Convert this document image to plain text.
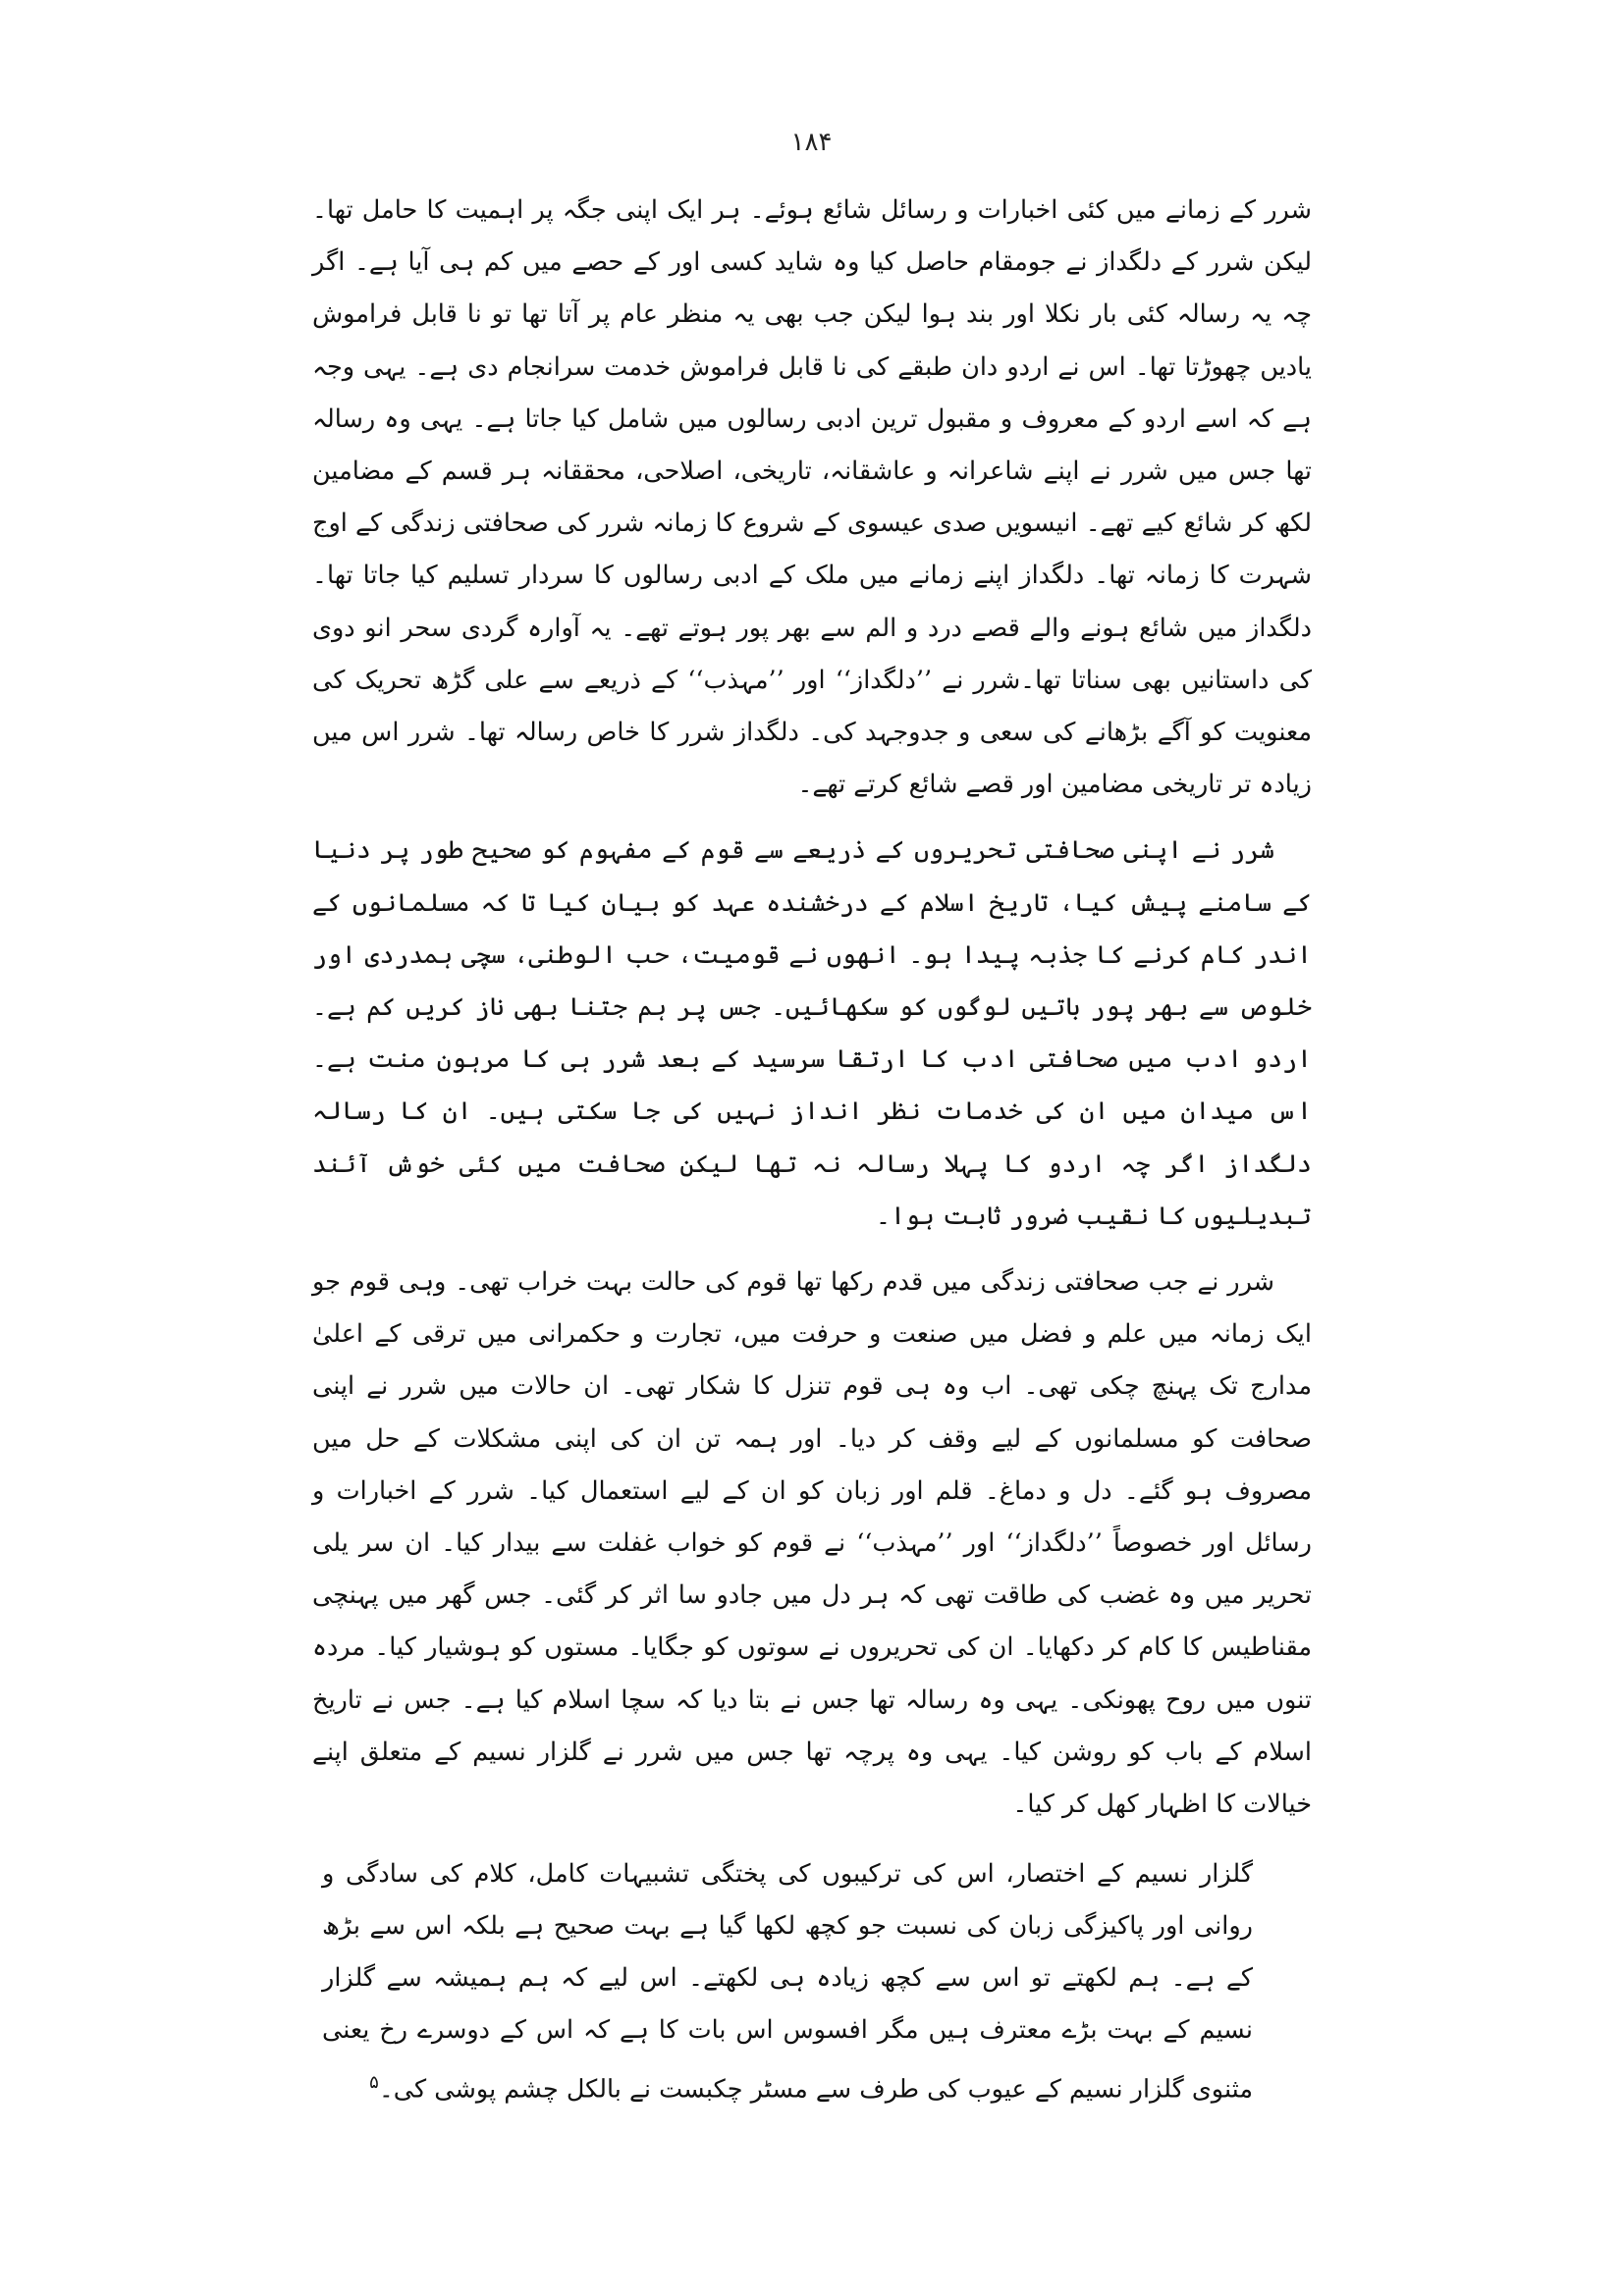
۱۸۴

شرر کے زمانے میں کئی اخبارات و رسائل شائع ہوئے۔ ہر ایک اپنی جگہ پر اہمیت کا حامل تھا۔لیکن شرر کے دلگداز نے جومقام حاصل کیا وہ شاید کسی اور کے حصے میں کم ہی آیا ہے۔ اگر چہ یہ رسالہ کئی بار نکلا اور بند ہوا لیکن جب بھی یہ منظر عام پر آتا تھا تو نا قابل فراموش یادیں چھوڑتا تھا۔ اس نے اردو دان طبقے کی نا قابل فراموش خدمت سرانجام دی ہے۔ یہی وجہ ہے کہ اسے اردو کے معروف و مقبول ترین ادبی رسالوں میں شامل کیا جاتا ہے۔ یہی وہ رسالہ تھا جس میں شرر نے اپنے شاعرانہ و عاشقانہ، تاریخی، اصلاحی، محققانہ ہر قسم کے مضامین لکھ کر شائع کیے تھے۔ انیسویں صدی عیسوی کے شروع کا زمانہ شرر کی صحافتی زندگی کے اوج شہرت کا زمانہ تھا۔ دلگداز اپنے زمانے میں ملک کے ادبی رسالوں کا سردار تسلیم کیا جاتا تھا۔ دلگداز میں شائع ہونے والے قصے درد و الم سے بھر پور ہوتے تھے۔ یہ آوارہ گردی سحر انو دوی کی داستانیں بھی سناتا تھا۔شرر نے ’’دلگداز‘‘ اور ’’مہذب‘‘ کے ذریعے سے علی گڑھ تحریک کی معنویت کو آگے بڑھانے کی سعی و جدوجہد کی۔ دلگداز شرر کا خاص رسالہ تھا۔ شرر اس میں زیادہ تر تاریخی مضامین اور قصے شائع کرتے تھے۔

شرر نے اپنی صحافتی تحریروں کے ذریعے سے قوم کے مفہوم کو صحیح طور پر دنیا کے سامنے پیش کیا، تاریخ اسلام کے درخشندہ عہد کو بیان کیا تا کہ مسلمانوں کے اندر کام کرنے کا جذبہ پیدا ہو۔ انھوں نے قومیت، حب الوطنی، سچی ہمدردی اور خلوص سے بھر پور باتیں لوگوں کو سکھائیں۔ جس پر ہم جتنا بھی ناز کریں کم ہے۔ اردو ادب میں صحافتی ادب کا ارتقا سرسید کے بعد شرر ہی کا مرہون منت ہے۔ اس میدان میں ان کی خدمات نظر انداز نہیں کی جا سکتی ہیں۔ ان کا رسالہ دلگداز اگر چہ اردو کا پہلا رسالہ نہ تھا لیکن صحافت میں کئی خوش آئند تبدیلیوں کا نقیب ضرور ثابت ہوا۔

شرر نے جب صحافتی زندگی میں قدم رکھا تھا قوم کی حالت بہت خراب تھی۔ وہی قوم جو ایک زمانہ میں علم و فضل میں صنعت و حرفت میں، تجارت و حکمرانی میں ترقی کے اعلیٰ مدارج تک پہنچ چکی تھی۔ اب وہ ہی قوم تنزل کا شکار تھی۔ ان حالات میں شرر نے اپنی صحافت کو مسلمانوں کے لیے وقف کر دیا۔ اور ہمہ تن ان کی اپنی مشکلات کے حل میں مصروف ہو گئے۔ دل و دماغ۔ قلم اور زبان کو ان کے لیے استعمال کیا۔ شرر کے اخبارات و رسائل اور خصوصاً ’’دلگداز‘‘ اور ’’مہذب‘‘ نے قوم کو خواب غفلت سے بیدار کیا۔ ان سر یلی تحریر میں وہ غضب کی طاقت تھی کہ ہر دل میں جادو سا اثر کر گئی۔ جس گھر میں پہنچی مقناطیس کا کام کر دکھایا۔ ان کی تحریروں نے سوتوں کو جگایا۔ مستوں کو ہوشیار کیا۔ مردہ تنوں میں روح پھونکی۔ یہی وہ رسالہ تھا جس نے بتا دیا کہ سچا اسلام کیا ہے۔ جس نے تاریخ اسلام کے باب کو روشن کیا۔ یہی وہ پرچہ تھا جس میں شرر نے گلزار نسیم کے متعلق اپنے خیالات کا اظہار کھل کر کیا۔

گلزار نسیم کے اختصار، اس کی ترکیبوں کی پختگی تشبیہات کامل، کلام کی سادگی و روانی اور پاکیزگی زبان کی نسبت جو کچھ لکھا گیا ہے بہت صحیح ہے بلکہ اس سے بڑھ کے ہے۔ ہم لکھتے تو اس سے کچھ زیادہ ہی لکھتے۔ اس لیے کہ ہم ہمیشہ سے گلزار نسیم کے بہت بڑے معترف ہیں مگر افسوس اس بات کا ہے کہ اس کے دوسرے رخ یعنی مثنوی گلزار نسیم کے عیوب کی طرف سے مسٹر چکبست نے بالکل چشم پوشی کی۔$^۵$
